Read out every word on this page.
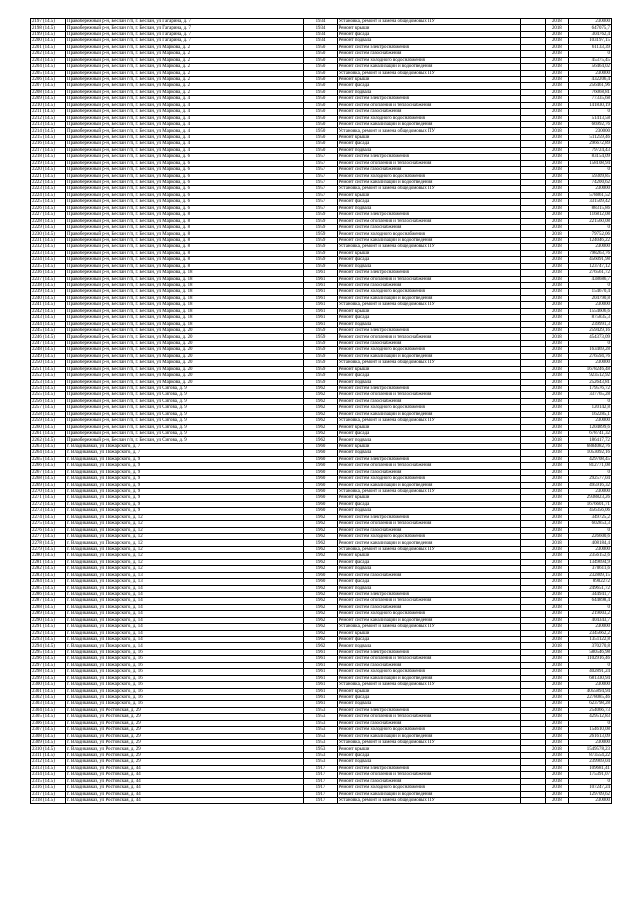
2197 (14.5)	Правобережный р-н, Беслан г/п, г. Беслан, ул Гагарина, д. 7	1934	Установка, ремонт и замена общедомовых ПУ		2018	230000
2198 (14.5)	Правобережный р-н, Беслан г/п, г. Беслан, ул Гагарина, д. 7	1934	Ремонт крыши		2018	647075,7
2199 (14.5)	Правобережный р-н, Беслан г/п, г. Беслан, ул Гагарина, д. 7	1934	Ремонт фасада		2018	304762,4
2200 (14.5)	Правобережный р-н, Беслан г/п, г. Беслан, ул Гагарина, д. 7	1934	Ремонт подвала		2018	103197,15
2201 (14.5)	Правобережный р-н, Беслан г/п, г. Беслан, ул Маркова, д. 2	1950	Ремонт систем электроснабжения		2018	61133,39
2202 (14.5)	Правобережный р-н, Беслан г/п, г. Беслан, ул Маркова, д. 2	1950	Ремонт систем газоснабжения		2018	0
2203 (14.5)	Правобережный р-н, Беслан г/п, г. Беслан, ул Маркова, д. 2	1950	Ремонт систем холодного водоснабжения		2018	45375,45
2204 (14.5)	Правобережный р-н, Беслан г/п, г. Беслан, ул Маркова, д. 2	1950	Ремонт систем канализации и водоотведения		2018	56464,02
2205 (14.5)	Правобережный р-н, Беслан г/п, г. Беслан, ул Маркова, д. 2	1950	Установка, ремонт и замена общедомовых ПУ		2018	230000
2206 (14.5)	Правобережный р-н, Беслан г/п, г. Беслан, ул Маркова, д. 2	1950	Ремонт крыши		2018	432206,4
2207 (14.5)	Правобережный р-н, Беслан г/п, г. Беслан, ул Маркова, д. 2	1950	Ремонт фасада		2018	256461,96
2208 (14.5)	Правобережный р-н, Беслан г/п, г. Беслан, ул Маркова, д. 2	1950	Ремонт подвала		2018	76068,81
2209 (14.5)	Правобережный р-н, Беслан г/п, г. Беслан, ул Маркова, д. 4	1950	Ремонт систем электроснабжения		2018	77335,68
2210 (14.5)	Правобережный р-н, Беслан г/п, г. Беслан, ул Маркова, д. 4	1950	Ремонт систем отопления и теплоснабжения		2018	141830,19
2211 (14.5)	Правобережный р-н, Беслан г/п, г. Беслан, ул Маркова, д. 4	1950	Ремонт систем газоснабжения		2018	0
2212 (14.5)	Правобережный р-н, Беслан г/п, г. Беслан, ул Маркова, д. 4	1950	Ремонт систем холодного водоснабжения		2018	51413,58
2213 (14.5)	Правобережный р-н, Беслан г/п, г. Беслан, ул Маркова, д. 4	1950	Ремонт систем канализации и водоотведения		2018	66992,76
2214 (14.5)	Правобережный р-н, Беслан г/п, г. Беслан, ул Маркова, д. 4	1950	Установка, ремонт и замена общедомовых ПУ		2018	230000
2215 (14.5)	Правобережный р-н, Беслан г/п, г. Беслан, ул Маркова, д. 4	1950	Ремонт крыши		2018	511259,46
2216 (14.5)	Правобережный р-н, Беслан г/п, г. Беслан, ул Маркова, д. 4	1950	Ремонт фасада		2018	296672,89
2217 (14.5)	Правобережный р-н, Беслан г/п, г. Беслан, ул Маркова, д. 4	1950	Ремонт подвала		2018	79724,43
2218 (14.5)	Правобережный р-н, Беслан г/п, г. Беслан, ул Маркова, д. 6	1957	Ремонт систем электроснабжения		2018	83154,09
2219 (14.5)	Правобережный р-н, Беслан г/п, г. Беслан, ул Маркова, д. 6	1957	Ремонт систем отопления и теплоснабжения		2018	158108,94
2220 (14.5)	Правобережный р-н, Беслан г/п, г. Беслан, ул Маркова, д. 6	1957	Ремонт систем газоснабжения		2018	0
2221 (14.5)	Правобережный р-н, Беслан г/п, г. Беслан, ул Маркова, д. 6	1957	Ремонт систем холодного водоснабжения		2018	59309,85
2222 (14.5)	Правобережный р-н, Беслан г/п, г. Беслан, ул Маркова, д. 6	1957	Ремонт систем канализации и водоотведения		2018	74200,62
2223 (14.5)	Правобережный р-н, Беслан г/п, г. Беслан, ул Маркова, д. 6	1957	Установка, ремонт и замена общедомовых ПУ		2018	230000
2224 (14.5)	Правобережный р-н, Беслан г/п, г. Беслан, ул Маркова, д. 6	1957	Ремонт крыши		2018	578861,52
2225 (14.5)	Правобережный р-н, Беслан г/п, г. Беслан, ул Маркова, д. 6	1957	Ремонт фасада		2018	331509,42
2226 (14.5)	Правобережный р-н, Беслан г/п, г. Беслан, ул Маркова, д. 6	1957	Ремонт подвала		2018	88315,86
2227 (14.5)	Правобережный р-н, Беслан г/п, г. Беслан, ул Маркова, д. 8	1959	Ремонт систем электроснабжения		2018	116812,08
2228 (14.5)	Правобережный р-н, Беслан г/п, г. Беслан, ул Маркова, д. 8	1959	Ремонт систем отопления и теплоснабжения		2018	221560,08
2229 (14.5)	Правобережный р-н, Беслан г/п, г. Беслан, ул Маркова, д. 8	1959	Ремонт систем газоснабжения		2018	0
2230 (14.5)	Правобережный р-н, Беслан г/п, г. Беслан, ул Маркова, д. 8	1959	Ремонт систем холодного водоснабжения		2018	79752,06
2231 (14.5)	Правобережный р-н, Беслан г/п, г. Беслан, ул Маркова, д. 8	1959	Ремонт систем канализации и водоотведения		2018	124046,22
2232 (14.5)	Правобережный р-н, Беслан г/п, г. Беслан, ул Маркова, д. 8	1959	Установка, ремонт и замена общедомовых ПУ		2018	230000
2233 (14.5)	Правобережный р-н, Беслан г/п, г. Беслан, ул Маркова, д. 8	1959	Ремонт крыши		2018	798263,76
2234 (14.5)	Правобережный р-н, Беслан г/п, г. Беслан, ул Маркова, д. 8	1959	Ремонт фасада		2018	456091,98
2235 (14.5)	Правобережный р-н, Беслан г/п, г. Беслан, ул Маркова, д. 8	1959	Ремонт подвала		2018	123747,12
2236 (14.5)	Правобережный р-н, Беслан г/п, г. Беслан, ул Маркова, д. 18	1961	Ремонт систем электроснабжения		2018	276561,72
2237 (14.5)	Правобережный р-н, Беслан г/п, г. Беслан, ул Маркова, д. 18	1961	Ремонт систем отопления и теплоснабжения		2018	438686,7
2238 (14.5)	Правобережный р-н, Беслан г/п, г. Беслан, ул Маркова, д. 18	1961	Ремонт систем газоснабжения		2018	0
2239 (14.5)	Правобережный р-н, Беслан г/п, г. Беслан, ул Маркова, д. 18	1961	Ремонт систем холодного водоснабжения		2018	154670,4
2240 (14.5)	Правобережный р-н, Беслан г/п, г. Беслан, ул Маркова, д. 18	1961	Ремонт систем канализации и водоотведения		2018	204790,8
2241 (14.5)	Правобережный р-н, Беслан г/п, г. Беслан, ул Маркова, д. 18	1961	Установка, ремонт и замена общедомовых ПУ		2018	230000
2242 (14.5)	Правобережный р-н, Беслан г/п, г. Беслан, ул Маркова, д. 18	1961	Ремонт крыши		2018	1554606,6
2243 (14.5)	Правобережный р-н, Беслан г/п, г. Беслан, ул Маркова, д. 18	1961	Ремонт фасада		2018	875835,3
2244 (14.5)	Правобережный р-н, Беслан г/п, г. Беслан, ул Маркова, д. 18	1961	Ремонт подвала		2018	239991,3
2245 (14.5)	Правобережный р-н, Беслан г/п, г. Беслан, ул Маркова, д. 20	1959	Ремонт систем электроснабжения		2018	259429,16
2246 (14.5)	Правобережный р-н, Беслан г/п, г. Беслан, ул Маркова, д. 20	1959	Ремонт систем отопления и теплоснабжения		2018	454373,09
2247 (14.5)	Правобережный р-н, Беслан г/п, г. Беслан, ул Маркова, д. 20	1959	Ремонт систем газоснабжения		2018	0
2248 (14.5)	Правобережный р-н, Беслан г/п, г. Беслан, ул Маркова, д. 20	1959	Ремонт систем холодного водоснабжения		2018	163469,28
2249 (14.5)	Правобережный р-н, Беслан г/п, г. Беслан, ул Маркова, д. 20	1959	Ремонт систем канализации и водоотведения		2018	276594,76
2250 (14.5)	Правобережный р-н, Беслан г/п, г. Беслан, ул Маркова, д. 20	1959	Установка, ремонт и замена общедомовых ПУ		2018	230000
2251 (14.5)	Правобережный р-н, Беслан г/п, г. Беслан, ул Маркова, д. 20	1959	Ремонт крыши		2018	1678246,48
2252 (14.5)	Правобережный р-н, Беслан г/п, г. Беслан, ул Маркова, д. 20	1959	Ремонт фасада		2018	923512,92
2253 (14.5)	Правобережный р-н, Беслан г/п, г. Беслан, ул Маркова, д. 20	1959	Ремонт подвала		2018	252643,81
2254 (14.5)	Правобережный р-н, Беслан г/п, г. Беслан, ул Сигова, д. 9	1962	Ремонт систем электроснабжения		2018	179576,72
2255 (14.5)	Правобережный р-н, Беслан г/п, г. Беслан, ул Сигова, д. 9	1962	Ремонт систем отопления и теплоснабжения		2018	337765,28
2256 (14.5)	Правобережный р-н, Беслан г/п, г. Беслан, ул Сигова, д. 9	1962	Ремонт систем газоснабжения		2018	0
2257 (14.5)	Правобережный р-н, Беслан г/п, г. Беслан, ул Сигова, д. 9	1962	Ремонт систем холодного водоснабжения		2018	120142,8
2258 (14.5)	Правобережный р-н, Беслан г/п, г. Беслан, ул Сигова, д. 9	1962	Ремонт систем канализации и водоотведения		2018	162285,1
2259 (14.5)	Правобережный р-н, Беслан г/п, г. Беслан, ул Сигова, д. 9	1962	Установка, ремонт и замена общедомовых ПУ		2018	230000
2260 (14.5)	Правобережный р-н, Беслан г/п, г. Беслан, ул Сигова, д. 9	1962	Ремонт крыши		2018	1204899,6
2261 (14.5)	Правобережный р-н, Беслан г/п, г. Беслан, ул Сигова, д. 9	1962	Ремонт фасада		2018	678741,32
2262 (14.5)	Правобережный р-н, Беслан г/п, г. Беслан, ул Сигова, д. 9	1962	Ремонт подвала		2018	186417,72
2263 (14.5)	г. Владикавказ, ул Пожарского, д. 7	1960	Ремонт крыши		2018	6884082,76
2264 (14.5)	г. Владикавказ, ул Пожарского, д. 7	1960	Ремонт подвала		2018	1053092,16
2265 (14.5)	г. Владикавказ, ул Пожарского, д. 9	1960	Ремонт систем электроснабжения		2018	429708,45
2266 (14.5)	г. Владикавказ, ул Пожарского, д. 9	1960	Ремонт систем отопления и теплоснабжения		2018	812771,08
2267 (14.5)	г. Владикавказ, ул Пожарского, д. 9	1960	Ремонт систем газоснабжения		2018	0
2268 (14.5)	г. Владикавказ, ул Пожарского, д. 9	1960	Ремонт систем холодного водоснабжения		2018	292577,04
2269 (14.5)	г. Владикавказ, ул Пожарского, д. 9	1960	Ремонт систем канализации и водоотведения		2018	495916,32
2270 (14.5)	г. Владикавказ, ул Пожарского, д. 9	1960	Установка, ремонт и замена общедомовых ПУ		2018	230000
2271 (14.5)	г. Владикавказ, ул Пожарского, д. 9	1960	Ремонт крыши		2018	2938823,26
2272 (14.5)	г. Владикавказ, ул Пожарского, д. 9	1960	Ремонт фасада		2018	1676601,71
2273 (14.5)	г. Владикавказ, ул Пожарского, д. 9	1960	Ремонт подвала		2018	456356,06
2274 (14.5)	г. Владикавказ, ул Пожарского, д. 12	1962	Ремонт систем электроснабжения		2018	349725,2
2275 (14.5)	г. Владикавказ, ул Пожарского, д. 12	1962	Ремонт систем отопления и теплоснабжения		2018	602853,3
2276 (14.5)	г. Владикавказ, ул Пожарского, д. 12	1962	Ремонт систем газоснабжения		2018	0
2277 (14.5)	г. Владикавказ, ул Пожарского, д. 12	1962	Ремонт систем холодного водоснабжения		2018	226600,6
2278 (14.5)	г. Владикавказ, ул Пожарского, д. 12	1962	Ремонт систем канализации и водоотведения		2018	408184,4
2279 (14.5)	г. Владикавказ, ул Пожарского, д. 12	1962	Установка, ремонт и замена общедомовых ПУ		2018	230000
2280 (14.5)	г. Владикавказ, ул Пожарского, д. 12	1962	Ремонт крыши		2018	2356152,6
2281 (14.5)	г. Владикавказ, ул Пожарского, д. 12	1962	Ремонт фасада		2018	1349694,9
2282 (14.5)	г. Владикавказ, ул Пожарского, д. 12	1962	Ремонт подвала		2018	370611,6
2283 (14.5)	г. Владикавказ, ул Пожарского, д. 13	1960	Ремонт систем газоснабжения		2018	232809,15
2284 (14.5)	г. Владикавказ, ул Пожарского, д. 13	1960	Ремонт фасада		2018	8902272
2285 (14.5)	г. Владикавказ, ул Пожарского, д. 14	1962	Ремонт подвала		2018	249651,72
2286 (14.5)	г. Владикавказ, ул Пожарского, д. 14	1962	Ремонт систем электроснабжения		2018	344941,7
2287 (14.5)	г. Владикавказ, ул Пожарского, д. 14	1962	Ремонт систем отопления и теплоснабжения		2018	644898,4
2288 (14.5)	г. Владикавказ, ул Пожарского, д. 14	1962	Ремонт систем газоснабжения		2018	0
2289 (14.5)	г. Владикавказ, ул Пожарского, д. 14	1962	Ремонт систем холодного водоснабжения		2018	219003,2
2290 (14.5)	г. Владикавказ, ул Пожарского, д. 14	1962	Ремонт систем канализации и водоотведения		2018	404343,7
2291 (14.5)	г. Владикавказ, ул Пожарского, д. 14	1962	Установка, ремонт и замена общедомовых ПУ		2018	230000
2292 (14.5)	г. Владикавказ, ул Пожарского, д. 14	1962	Ремонт крыши		2018	2345662,2
2293 (14.5)	г. Владикавказ, ул Пожарского, д. 14	1962	Ремонт фасада		2018	1351122,8
2294 (14.5)	г. Владикавказ, ул Пожарского, д. 14	1962	Ремонт подвала		2018	370270,8
2295 (14.5)	г. Владикавказ, ул Пожарского, д. 16	1961	Ремонт систем электроснабжения		2018	580546,98
2296 (14.5)	г. Владикавказ, ул Пожарского, д. 16	1961	Ремонт систем отопления и теплоснабжения		2018	1102916,46
2297 (14.5)	г. Владикавказ, ул Пожарского, д. 16	1961	Ремонт систем газоснабжения		2018	0
2298 (14.5)	г. Владикавказ, ул Пожарского, д. 16	1961	Ремонт систем холодного водоснабжения		2018	402891,24
2299 (14.5)	г. Владикавказ, ул Пожарского, д. 16	1961	Ремонт систем канализации и водоотведения		2018	681330,94
2300 (14.5)	г. Владикавказ, ул Пожарского, д. 16	1961	Установка, ремонт и замена общедомовых ПУ		2018	230000
2301 (14.5)	г. Владикавказ, ул Пожарского, д. 16	1961	Ремонт крыши		2018	4055894,94
2302 (14.5)	г. Владикавказ, ул Пожарского, д. 16	1961	Ремонт фасада		2018	2278085,46
2303 (14.5)	г. Владикавказ, ул Пожарского, д. 16	1961	Ремонт подвала		2018	623798,28
2304 (14.5)	г. Владикавказ, ул Ростовская, д. 29	1953	Ремонт систем электроснабжения		2018	254066,73
2305 (14.5)	г. Владикавказ, ул Ростовская, д. 29	1953	Ремонт систем отопления и теплоснабжения		2018	429512,83
2306 (14.5)	г. Владикавказ, ул Ростовская, д. 29	1953	Ремонт систем газоснабжения		2018	0
2307 (14.5)	г. Владикавказ, ул Ростовская, д. 29	1953	Ремонт систем холодного водоснабжения		2018	154610,08
2308 (14.5)	г. Владикавказ, ул Ростовская, д. 29	1953	Ремонт систем канализации и водоотведения		2018	261613,09
2309 (14.5)	г. Владикавказ, ул Ростовская, д. 29	1953	Установка, ремонт и замена общедомовых ПУ		2018	230000
2310 (14.5)	г. Владикавказ, ул Ростовская, д. 29	1953	Ремонт крыши		2018	1549578,23
2311 (14.5)	г. Владикавказ, ул Ростовская, д. 29	1953	Ремонт фасада		2018	873554,22
2312 (14.5)	г. Владикавказ, ул Ростовская, д. 29	1953	Ремонт подвала		2018	239969,04
2313 (14.5)	г. Владикавказ, ул Ростовская, д. 44	1917	Ремонт систем электроснабжения		2018	109681,41
2314 (14.5)	г. Владикавказ, ул Ростовская, д. 44	1917	Ремонт систем отопления и теплоснабжения		2018	175391,07
2315 (14.5)	г. Владикавказ, ул Ростовская, д. 44	1917	Ремонт систем газоснабжения		2018	0
2316 (14.5)	г. Владикавказ, ул Ростовская, д. 44	1917	Ремонт систем холодного водоснабжения		2018	107247,24
2317 (14.5)	г. Владикавказ, ул Ростовская, д. 44	1917	Ремонт систем канализации и водоотведения		2018	129709,62
2318 (14.5)	г. Владикавказ, ул Ростовская, д. 44	1917	Установка, ремонт и замена общедомовых ПУ		2018	230000
